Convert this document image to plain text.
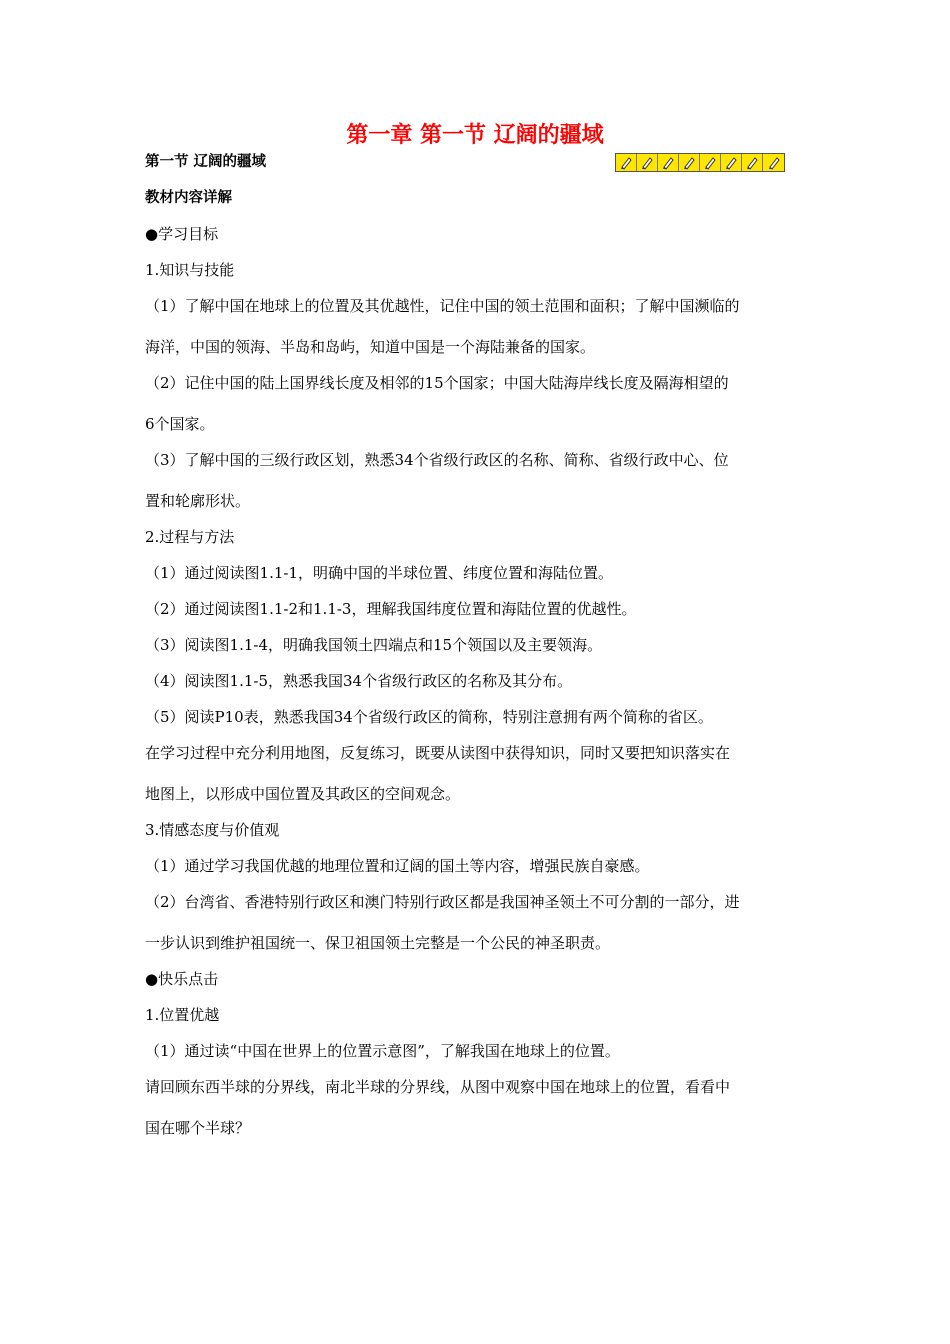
第一章 第一节 辽阔的疆域
第一节 辽阔的疆域
教材内容详解
●学习目标
1.知识与技能
（1）了解中国在地球上的位置及其优越性，记住中国的领土范围和面积；了解中国濒临的
海洋，中国的领海、半岛和岛屿，知道中国是一个海陆兼备的国家。
（2）记住中国的陆上国界线长度及相邻的15个国家；中国大陆海岸线长度及隔海相望的
6个国家。
（3）了解中国的三级行政区划，熟悉34个省级行政区的名称、简称、省级行政中心、位
置和轮廓形状。
2.过程与方法
（1）通过阅读图1.1-1，明确中国的半球位置、纬度位置和海陆位置。
（2）通过阅读图1.1-2和1.1-3，理解我国纬度位置和海陆位置的优越性。
（3）阅读图1.1-4，明确我国领土四端点和15个领国以及主要领海。
（4）阅读图1.1-5，熟悉我国34个省级行政区的名称及其分布。
（5）阅读P10表，熟悉我国34个省级行政区的简称，特别注意拥有两个简称的省区。
在学习过程中充分利用地图，反复练习，既要从读图中获得知识，同时又要把知识落实在
地图上，以形成中国位置及其政区的空间观念。
3.情感态度与价值观
（1）通过学习我国优越的地理位置和辽阔的国土等内容，增强民族自豪感。
（2）台湾省、香港特别行政区和澳门特别行政区都是我国神圣领土不可分割的一部分，进
一步认识到维护祖国统一、保卫祖国领土完整是一个公民的神圣职责。
●快乐点击
1.位置优越
（1）通过读“中国在世界上的位置示意图”，了解我国在地球上的位置。
请回顾东西半球的分界线，南北半球的分界线，从图中观察中国在地球上的位置，看看中
国在哪个半球？
